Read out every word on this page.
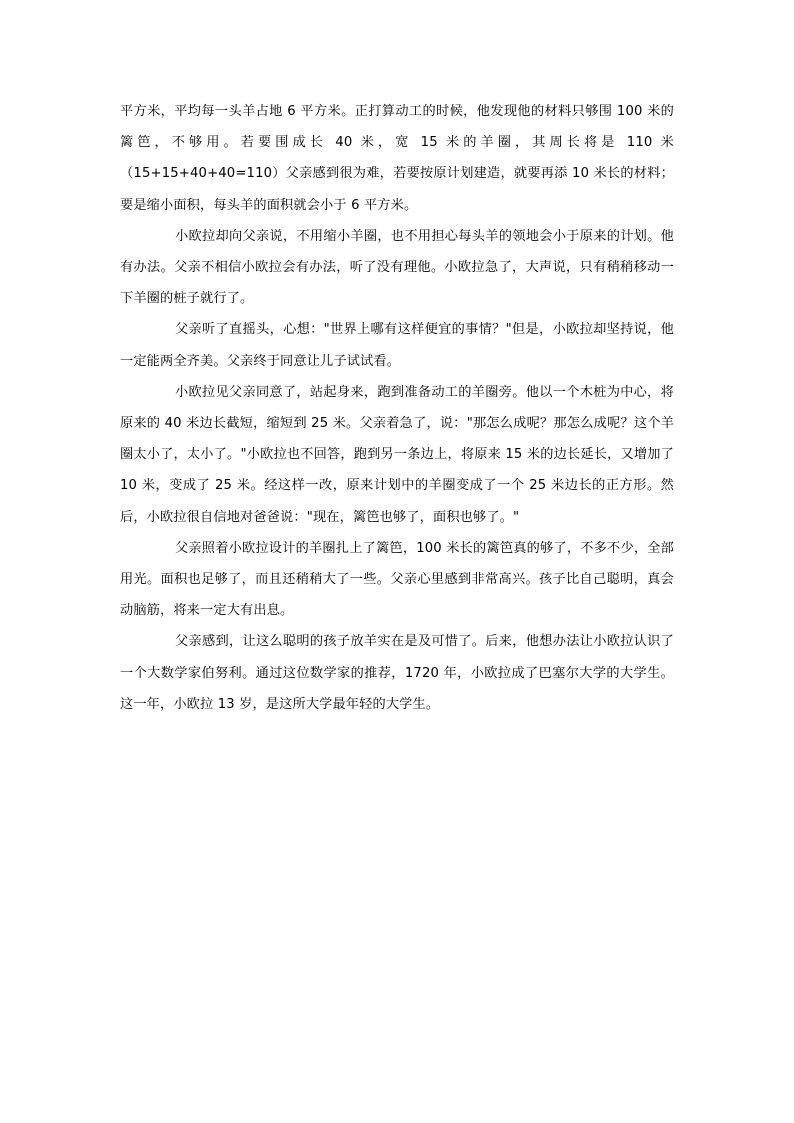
平方米，平均每一头羊占地 6 平方米。正打算动工的时候，他发现他的材料只够围 100 米的篱笆，不够用。若要围成长 40 米，宽 15 米的羊圈，其周长将是 110 米（15+15+40+40=110）父亲感到很为难，若要按原计划建造，就要再添 10 米长的材料；要是缩小面积，每头羊的面积就会小于 6 平方米。

小欧拉却向父亲说，不用缩小羊圈，也不用担心每头羊的领地会小于原来的计划。他有办法。父亲不相信小欧拉会有办法，听了没有理他。小欧拉急了，大声说，只有稍稍移动一下羊圈的桩子就行了。

父亲听了直摇头，心想："世界上哪有这样便宜的事情？"但是，小欧拉却坚持说，他一定能两全齐美。父亲终于同意让儿子试试看。

小欧拉见父亲同意了，站起身来，跑到准备动工的羊圈旁。他以一个木桩为中心，将原来的 40 米边长截短，缩短到 25 米。父亲着急了，说："那怎么成呢？那怎么成呢？这个羊圈太小了，太小了。"小欧拉也不回答，跑到另一条边上，将原来 15 米的边长延长，又增加了 10 米，变成了 25 米。经这样一改，原来计划中的羊圈变成了一个 25 米边长的正方形。然后，小欧拉很自信地对爸爸说："现在，篱笆也够了，面积也够了。"

父亲照着小欧拉设计的羊圈扎上了篱笆，100 米长的篱笆真的够了，不多不少，全部用光。面积也足够了，而且还稍稍大了一些。父亲心里感到非常高兴。孩子比自己聪明，真会动脑筋，将来一定大有出息。

父亲感到，让这么聪明的孩子放羊实在是及可惜了。后来，他想办法让小欧拉认识了一个大数学家伯努利。通过这位数学家的推荐，1720 年，小欧拉成了巴塞尔大学的大学生。这一年，小欧拉 13 岁，是这所大学最年轻的大学生。
